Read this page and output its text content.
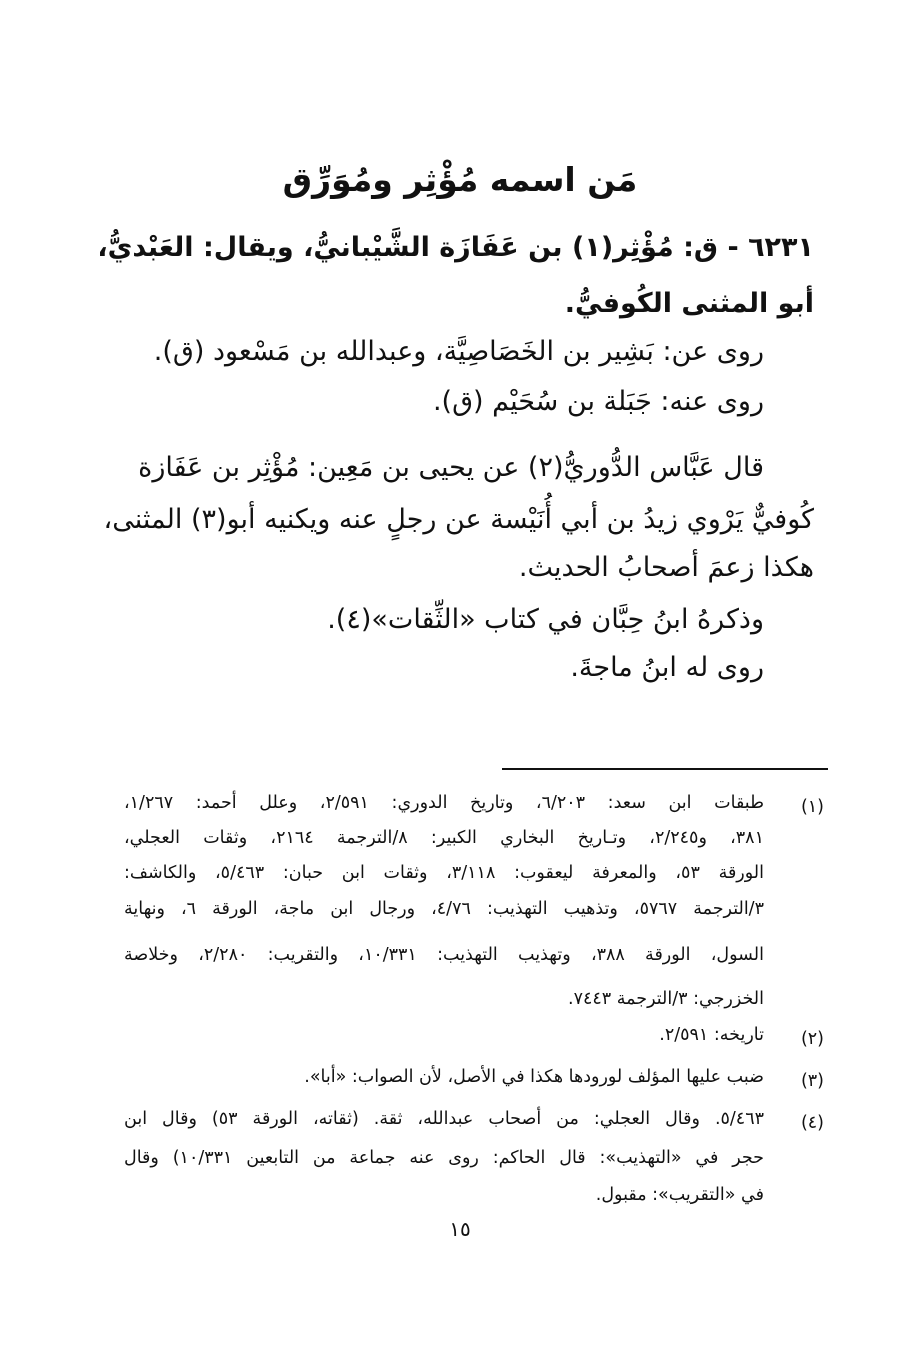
مَن اسمه مُؤْثِر ومُوَرِّق
٦٢٣١ - ق: مُؤْثِر(١) بن عَفَازَة الشَّيْبانيُّ، ويقال: العَبْديُّ،
أبو المثنى الكُوفيُّ.
روى عن: بَشِير بن الخَصَاصِيَّة، وعبدالله بن مَسْعود (ق).
روى عنه: جَبَلة بن سُحَيْم (ق).
قال عَبَّاس الدُّوريُّ(٢) عن يحيى بن مَعِين: مُؤْثِر بن عَفَازة
كُوفيٌّ يَرْوي زيدُ بن أبي أُنَيْسة عن رجلٍ عنه ويكنيه أبو(٣) المثنى،
هكذا زعمَ أصحابُ الحديث.
وذكرهُ ابنُ حِبَّان في كتاب «الثِّقات»(٤).
روى له ابنُ ماجةَ.
(١)
طبقات ابن سعد: ٦/٢٠٣، وتاريخ الدوري: ٢/٥٩١، وعلل أحمد: ١/٢٦٧،
٣٨١، و٢/٢٤٥، وتـاريخ البخاري الكبير: ٨/الترجمة ٢١٦٤، وثقات العجلي،
الورقة ٥٣، والمعرفة ليعقوب: ٣/١١٨، وثقات ابن حبان: ٥/٤٦٣، والكاشف:
٣/الترجمة ٥٧٦٧، وتذهيب التهذيب: ٤/٧٦، ورجال ابن ماجة، الورقة ٦، ونهاية
السول، الورقة ٣٨٨، وتهذيب التهذيب: ١٠/٣٣١، والتقريب: ٢/٢٨٠، وخلاصة
الخزرجي: ٣/الترجمة ٧٤٤٣.
(٢)
تاريخه: ٢/٥٩١.
(٣)
ضبب عليها المؤلف لورودها هكذا في الأصل، لأن الصواب: «أبا».
(٤)
٥/٤٦٣. وقال العجلي: من أصحاب عبدالله، ثقة. (ثقاته، الورقة ٥٣) وقال ابن
حجر في «التهذيب»: قال الحاكم: روى عنه جماعة من التابعين ١٠/٣٣١) وقال
في «التقريب»: مقبول.
١٥
